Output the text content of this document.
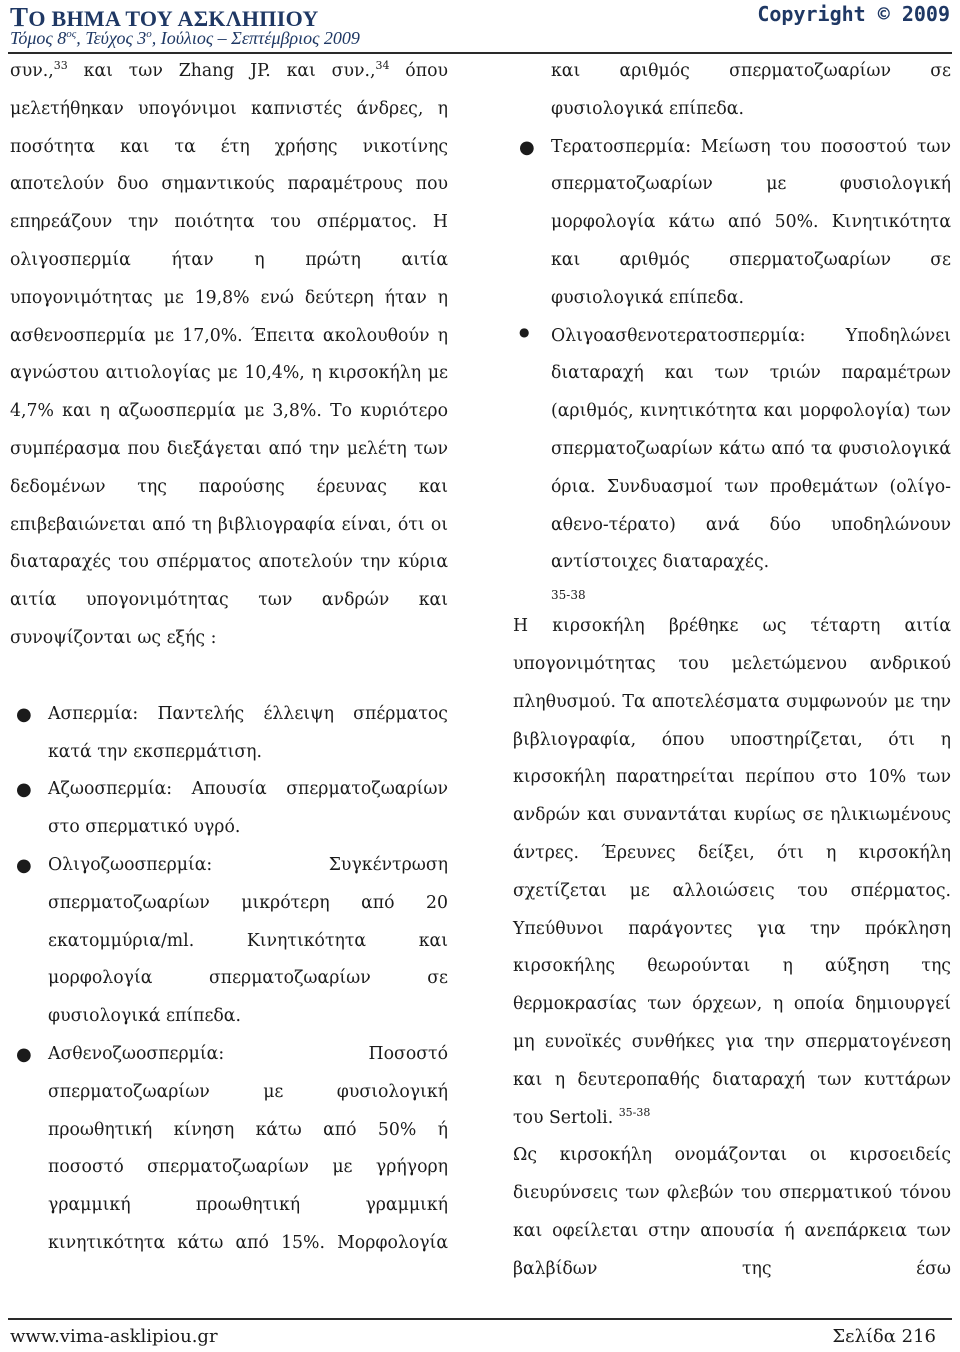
ΤΟ ΒΗΜΑ ΤΟΥ ΑΣΚΛΗΠΙΟΥ
Τόμος $8^{o\varsigma}$, Τεύχος $3^o$, Ιούλιος – Σεπτέμβριος 2009
Copyright © 2009
συν.,$^{33}$ και των Zhang JP. και συν.,$^{34}$ όπου
μελετήθηκαν υπογόνιμοι καπνιστές άνδρες, η ποσότητα και τα έτη χρήσης νικοτίνης αποτελούν δυο σημαντικούς παραμέτρους που επηρεάζουν την ποιότητα του σπέρματος. Η ολιγοσπερμία ήταν η πρώτη αιτία υπογονιμότητας με 19,8% ενώ δεύτερη ήταν η ασθενοσπερμία με 17,0%. Έπειτα ακολουθούν η αγνώστου αιτιολογίας με 10,4%, η κιρσοκήλη με 4,7% και η αζωοσπερμία με 3,8%. Το κυριότερο συμπέρασμα που διεξάγεται από την μελέτη των δεδομένων της παρούσης έρευνας και επιβεβαιώνεται από τη βιβλιογραφία είναι, ότι οι διαταραχές του σπέρματος αποτελούν την κύρια αιτία υπογονιμότητας των ανδρών και συνοψίζονται ως εξής :
● Ασπερμία: Παντελής έλλειψη σπέρματος κατά την εκσπερμάτιση.
● Αζωοσπερμία: Απουσία σπερματοζωαρίων στο σπερματικό υγρό.
● Ολιγοζωοσπερμία: Συγκέντρωση σπερματοζωαρίων μικρότερη από 20 εκατομμύρια/ml. Κινητικότητα και μορφολογία σπερματοζωαρίων σε φυσιολογικά επίπεδα.
● Ασθενοζωοσπερμία: Ποσοστό σπερματοζωαρίων με φυσιολογική προωθητική κίνηση κάτω από 50% ή ποσοστό σπερματοζωαρίων με γρήγορη γραμμική προωθητική γραμμική κινητικότητα κάτω από 15%. Μορφολογία
και αριθμός σπερματοζωαρίων σε φυσιολογικά επίπεδα.
● Τερατοσπερμία: Μείωση του ποσοστού των σπερματοζωαρίων με φυσιολογική μορφολογία κάτω από 50%. Κινητικότητα και αριθμός σπερματοζωαρίων σε φυσιολογικά επίπεδα.
● Ολιγοασθενοτερατοσπερμία: Υποδηλώνει διαταραχή και των τριών παραμέτρων (αριθμός, κινητικότητα και μορφολογία) των σπερματοζωαρίων κάτω από τα φυσιολογικά όρια. Συνδυασμοί των προθεμάτων (ολίγο-αθενο-τέρατο) ανά δύο υποδηλώνουν αντίστοιχες διαταραχές.
35-38
Η κιρσοκήλη βρέθηκε ως τέταρτη αιτία υπογονιμότητας του μελετώμενου ανδρικού πληθυσμού. Τα αποτελέσματα συμφωνούν με την βιβλιογραφία, όπου υποστηρίζεται, ότι η κιρσοκήλη παρατηρείται περίπου στο 10% των ανδρών και συναντάται κυρίως σε ηλικιωμένους άντρες. Έρευνες δείξει, ότι η κιρσοκήλη σχετίζεται με αλλοιώσεις του σπέρματος. Υπεύθυνοι παράγοντες για την πρόκληση κιρσοκήλης θεωρούνται η αύξηση της θερμοκρασίας των όρχεων, η οποία δημιουργεί μη ευνοϊκές συνθήκες για την σπερματογένεση και η δευτεροπαθής διαταραχή των κυττάρων του Sertoli. $^{35-38}$
Ως κιρσοκήλη ονομάζονται οι κιρσοειδείς διευρύνσεις των φλεβών του σπερματικού τόνου και οφείλεται στην απουσία ή ανεπάρκεια των βαλβίδων της έσω
www.vima-asklipiou.gr	Σελίδα 216
